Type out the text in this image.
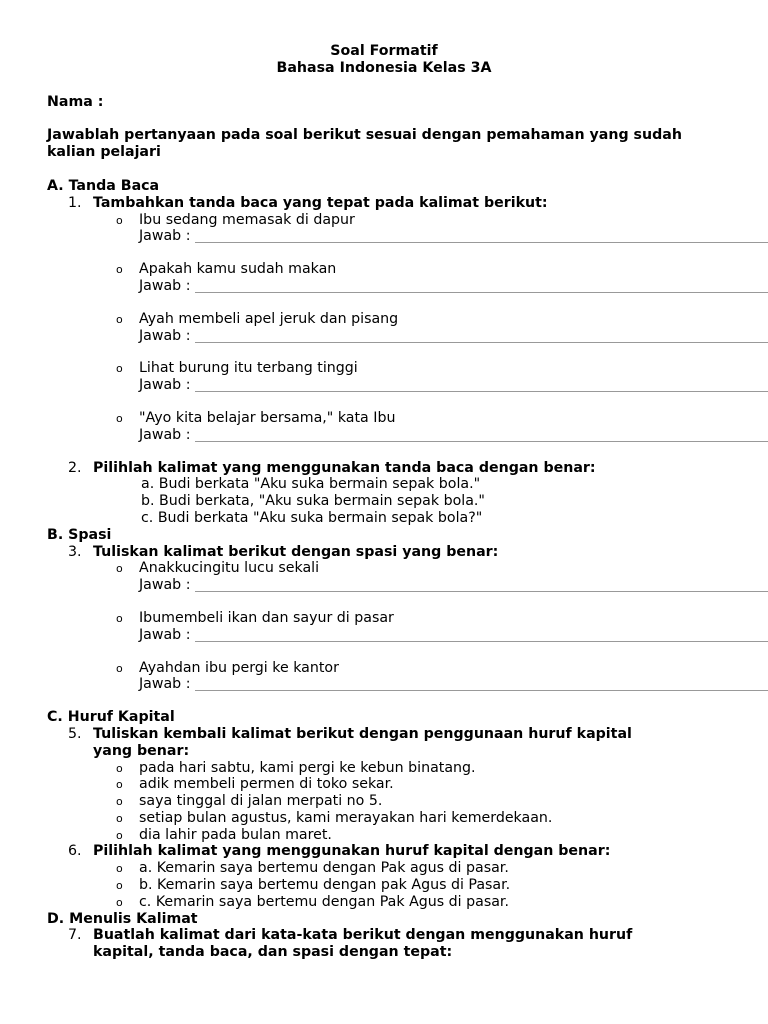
Soal Formatif
Bahasa Indonesia Kelas 3A
Nama :
Jawablah pertanyaan pada soal berikut sesuai dengan pemahaman yang sudah kalian pelajari
A. Tanda Baca
1. Tambahkan tanda baca yang tepat pada kalimat berikut:
o Ibu sedang memasak di dapur
Jawab :
o Apakah kamu sudah makan
Jawab :
o Ayah membeli apel jeruk dan pisang
Jawab :
o Lihat burung itu terbang tinggi
Jawab :
o "Ayo kita belajar bersama," kata Ibu
Jawab :
2. Pilihlah kalimat yang menggunakan tanda baca dengan benar:
a. Budi berkata "Aku suka bermain sepak bola."
b. Budi berkata, "Aku suka bermain sepak bola."
c. Budi berkata "Aku suka bermain sepak bola?"
B. Spasi
3. Tuliskan kalimat berikut dengan spasi yang benar:
o Anakkucingitu lucu sekali
Jawab :
o Ibumembeli ikan dan sayur di pasar
Jawab :
o Ayahdan ibu pergi ke kantor
Jawab :
C. Huruf Kapital
5. Tuliskan kembali kalimat berikut dengan penggunaan huruf kapital
yang benar:
o pada hari sabtu, kami pergi ke kebun binatang.
o adik membeli permen di toko sekar.
o saya tinggal di jalan merpati no 5.
o setiap bulan agustus, kami merayakan hari kemerdekaan.
o dia lahir pada bulan maret.
6. Pilihlah kalimat yang menggunakan huruf kapital dengan benar:
o a. Kemarin saya bertemu dengan Pak agus di pasar.
o b. Kemarin saya bertemu dengan pak Agus di Pasar.
o c. Kemarin saya bertemu dengan Pak Agus di pasar.
D. Menulis Kalimat
7. Buatlah kalimat dari kata-kata berikut dengan menggunakan huruf
kapital, tanda baca, dan spasi dengan tepat:
